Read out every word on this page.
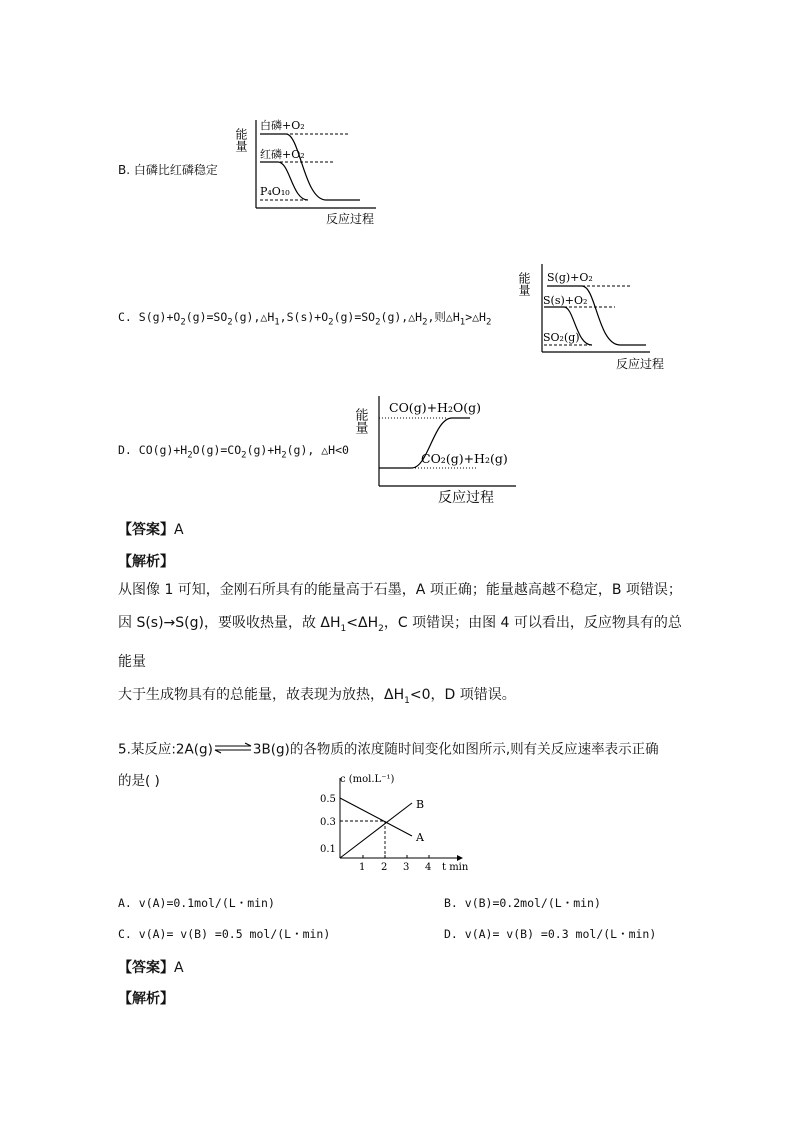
B. 白磷比红磷稳定
能量
白磷+O₂
红磷+O₂
P₄O₁₀
反应过程
C. $S(g)+O_2(g)=SO_2(g),\triangle H_1,S(s)+O_2(g)=SO_2(g),\triangle H_2$,则$\triangle H_1>\triangle H_2$
能量 S(g)+O₂
S(s)+O₂
SO₂(g)
反应过程
D. $CO(g)+H_2O(g)=CO_2(g)+H_2(g)$, △H<0
能量
CO(g)+H₂O(g)
CO₂(g)+H₂(g)
反应过程
【答案】A
【解析】
从图像 1 可知，金刚石所具有的能量高于石墨，A 项正确；能量越高越不稳定，B 项错误；
因 S(s)→S(g)，要吸收热量，故 $\Delta H_1<\Delta H_2$，C 项错误；由图 4 可以看出，反应物具有的总能量
大于生成物具有的总能量，故表现为放热，$\Delta H_1<0$，D 项错误。
5.某反应:2A(g)⇌3B(g)的各物质的浓度随时间变化如图所示,则有关反应速率表示正确
的是( )	c (mol.L⁻¹)
t min
0.5
0.3
0.1
A
B
1 2 3 4
A. v(A)=0.1mol/(L・min)	B. v(B)=0.2mol/(L・min)
C. v(A)= v(B) =0.5 mol/(L・min)	D. v(A)= v(B) =0.3 mol/(L・min)
【答案】A
【解析】
